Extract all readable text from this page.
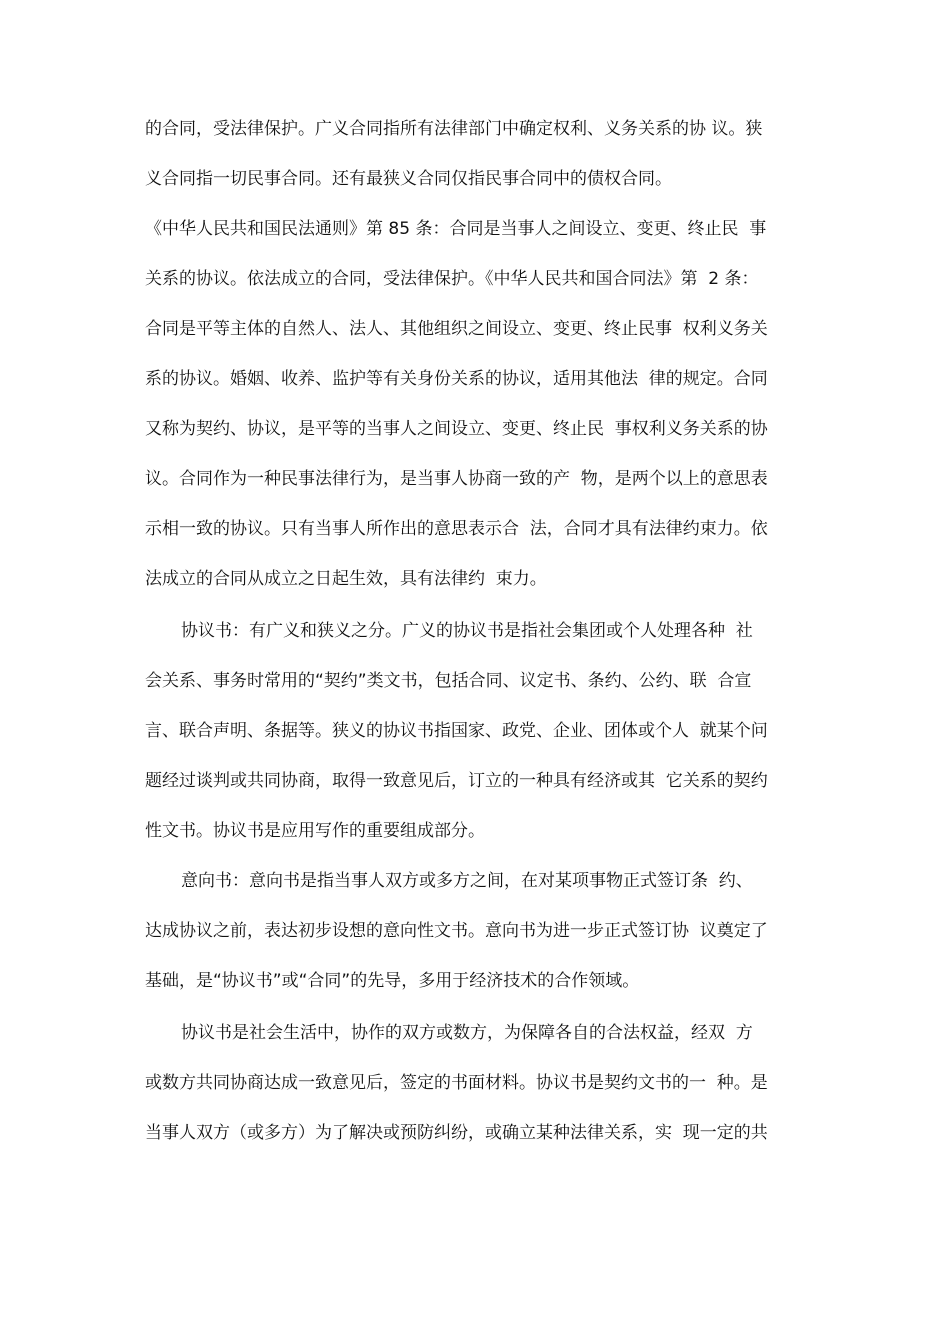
的合同，受法律保护。广义合同指所有法律部门中确定权利、义务关系的协 议。狭
义合同指一切民事合同。还有最狭义合同仅指民事合同中的债权合同。
《中华人民共和国民法通则》第 85 条：合同是当事人之间设立、变更、终止民  事
关系的协议。依法成立的合同，受法律保护。《中华人民共和国合同法》第  2 条：
合同是平等主体的自然人、法人、其他组织之间设立、变更、终止民事  权利义务关
系的协议。婚姻、收养、监护等有关身份关系的协议，适用其他法  律的规定。合同
又称为契约、协议，是平等的当事人之间设立、变更、终止民  事权利义务关系的协
议。合同作为一种民事法律行为，是当事人协商一致的产  物，是两个以上的意思表
示相一致的协议。只有当事人所作出的意思表示合  法，合同才具有法律约束力。依
法成立的合同从成立之日起生效，具有法律约  束力。
协议书：有广义和狭义之分。广义的协议书是指社会集团或个人处理各种  社
会关系、事务时常用的“契约”类文书，包括合同、议定书、条约、公约、联  合宣
言、联合声明、条据等。狭义的协议书指国家、政党、企业、团体或个人  就某个问
题经过谈判或共同协商，取得一致意见后，订立的一种具有经济或其  它关系的契约
性文书。协议书是应用写作的重要组成部分。
意向书：意向书是指当事人双方或多方之间，在对某项事物正式签订条  约、
达成协议之前，表达初步设想的意向性文书。意向书为进一步正式签订协  议奠定了
基础，是“协议书”或“合同”的先导，多用于经济技术的合作领域。
协议书是社会生活中，协作的双方或数方，为保障各自的合法权益，经双  方
或数方共同协商达成一致意见后，签定的书面材料。协议书是契约文书的一  种。是
当事人双方（或多方）为了解决或预防纠纷，或确立某种法律关系，实  现一定的共
